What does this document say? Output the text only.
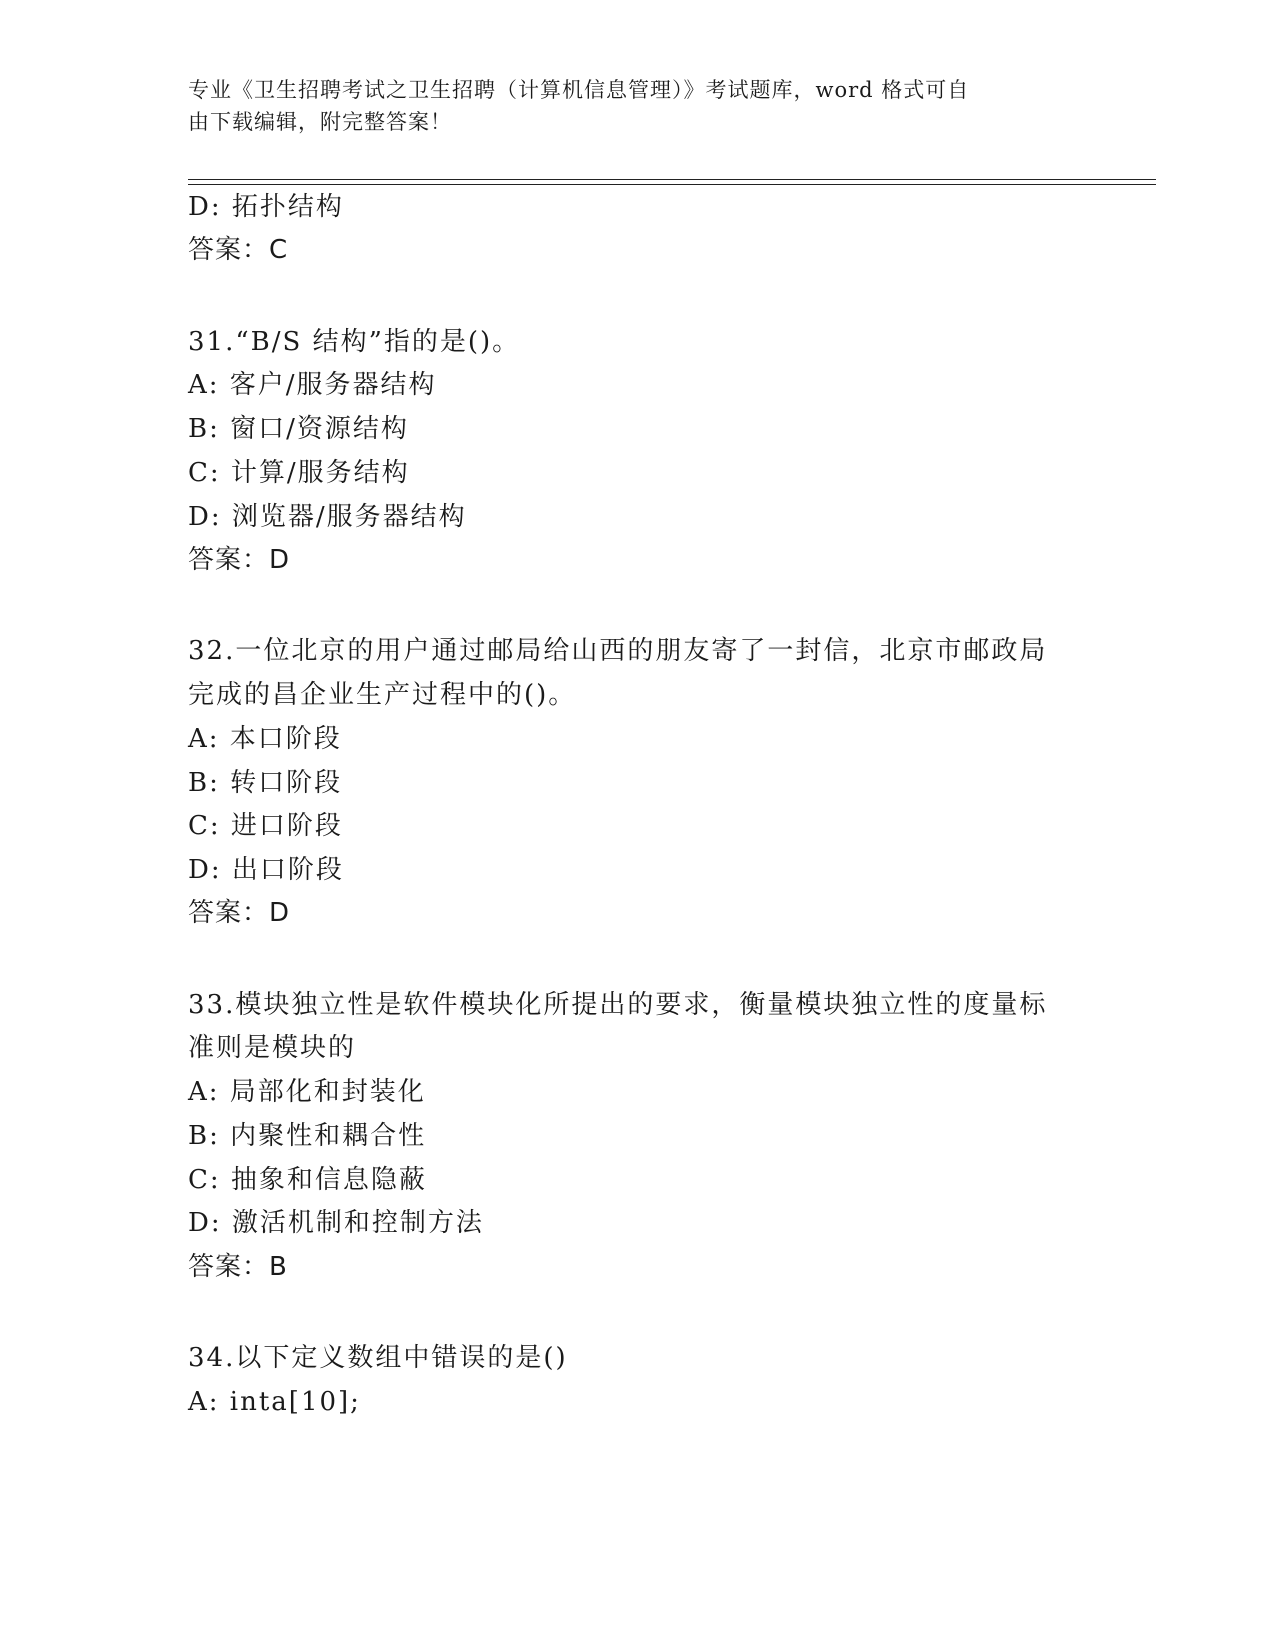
专业《卫生招聘考试之卫生招聘（计算机信息管理）》考试题库，word 格式可自
由下载编辑，附完整答案！
D: 拓扑结构
答案：C
31.“B/S 结构”指的是()。
A: 客户/服务器结构
B: 窗口/资源结构
C: 计算/服务结构
D: 浏览器/服务器结构
答案：D
32.一位北京的用户通过邮局给山西的朋友寄了一封信，北京市邮政局
完成的昌企业生产过程中的()。
A: 本口阶段
B: 转口阶段
C: 进口阶段
D: 出口阶段
答案：D
33.模块独立性是软件模块化所提出的要求，衡量模块独立性的度量标
准则是模块的
A: 局部化和封装化
B: 内聚性和耦合性
C: 抽象和信息隐蔽
D: 激活机制和控制方法
答案：B
34.以下定义数组中错误的是()
A: inta[10];
